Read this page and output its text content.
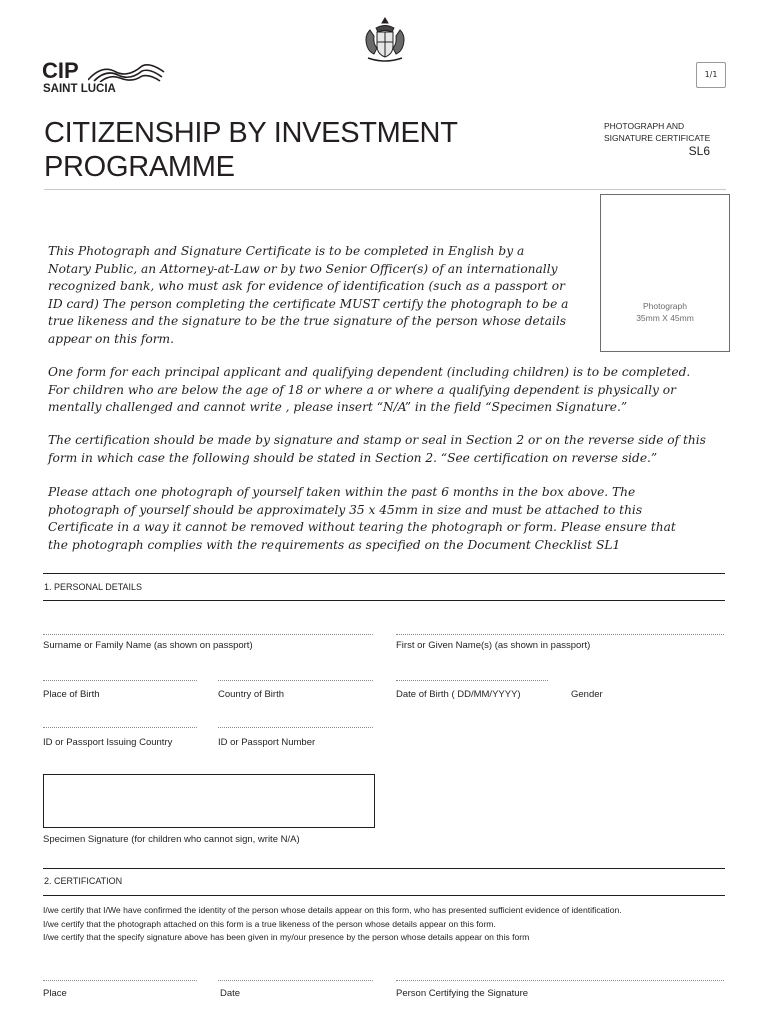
CIP
SAINT LUCIA
1/1
CITIZENSHIP BY INVESTMENT
PROGRAMME
PHOTOGRAPH AND
SIGNATURE CERTIFICATE
SL6
Photograph
35mm X 45mm
This Photograph and Signature Certificate is to be completed in English by a
Notary Public, an Attorney-at-Law or by two Senior Officer(s) of an internationally
recognized bank, who must ask for evidence of identification (such as a passport or
ID card) The person completing the certificate MUST certify the photograph to be a
true likeness and the signature to be the true signature of the person whose details
appear on this form.
One form for each principal applicant and qualifying dependent (including children) is to be completed.
For children who are below the age of 18 or where a or where a qualifying dependent is physically or
mentally challenged and cannot write , please insert “N/A” in the field “Specimen Signature.”
The certification should be made by signature and stamp or seal in Section 2 or on the reverse side of this
form in which case the following should be stated in Section 2. “See certification on reverse side.”
Please attach one photograph of yourself taken within the past 6 months in the box above. The
photograph of yourself should be approximately 35 x 45mm in size and must be attached to this
Certificate in a way it cannot be removed without tearing the photograph or form. Please ensure that
the photograph complies with the requirements as specified on the Document Checklist SL1
1. PERSONAL DETAILS
Surname or Family Name (as shown on passport)	First or Given Name(s) (as shown in passport)
Place of Birth	Country of Birth	Date of Birth ( DD/MM/YYYY)	Gender
ID or Passport Issuing Country	ID or Passport Number
Specimen Signature (for children who cannot sign, write N/A)
2. CERTIFICATION
I/we certify that I/We have confirmed the identity of the person whose details appear on this form, who has presented sufficient evidence of identification.
I/we certify that the photograph attached on this form is a true likeness of the person whose details appear on this form.
I/we certify that the specify signature above has been given in my/our presence by the person whose details appear on this form
Place	Date	Person Certifying the Signature
